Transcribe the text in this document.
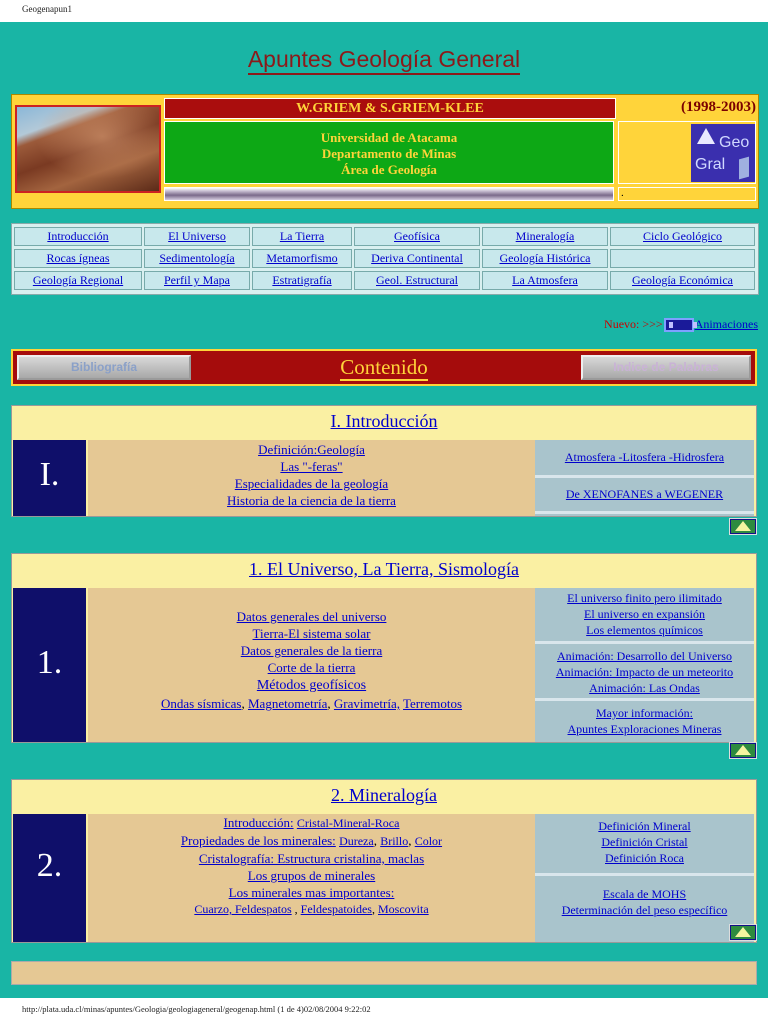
Geogenapun1
Apuntes Geología General
W.GRIEM & S.GRIEM-KLEE	(1998-2003)
Universidad de Atacama
Departamento de Minas
Área de Geología
Geo
Gral
.
Introducción	El Universo	La Tierra	Geofísica	Mineralogía	Ciclo Geológico
Rocas ígneas	Sedimentología	Metamorfismo	Deriva Continental	Geología Histórica
Geología Regional	Perfil y Mapa	Estratigrafía	Geol. Estructural	La Atmosfera	Geología Económica
Nuevo: >>>	Animaciones
Bibliografía	Contenido	Indice de Palabras
I. Introducción
I.
Definición:Geología
Las "-feras"
Especialidades de la geología
Historia de la ciencia de la tierra
Atmosfera -Litosfera -Hidrosfera
De XENOFANES a WEGENER
1. El Universo, La Tierra, Sismología
1.
Datos generales del universo
Tierra-El sistema solar
Datos generales de la tierra
Corte de la tierra
Métodos geofísicos
Ondas sísmicas, Magnetometría, Gravimetría, Terremotos
El universo finito pero ilimitado
El universo en expansión
Los elementos químicos
Animación: Desarrollo del Universo
Animación: Impacto de un meteorito
Animación: Las Ondas
Mayor información:
Apuntes Exploraciones Mineras
2. Mineralogía
2.
Introducción: Cristal-Mineral-Roca
Propiedades de los minerales: Dureza, Brillo, Color
Cristalografía: Estructura cristalina, maclas
Los grupos de minerales
Los minerales mas importantes:
Cuarzo, Feldespatos , Feldespatoides, Moscovita
Definición Mineral
Definición Cristal
Definición Roca
Escala de MOHS
Determinación del peso específico
http://plata.uda.cl/minas/apuntes/Geologia/geologiageneral/geogenap.html (1 de 4)02/08/2004 9:22:02
